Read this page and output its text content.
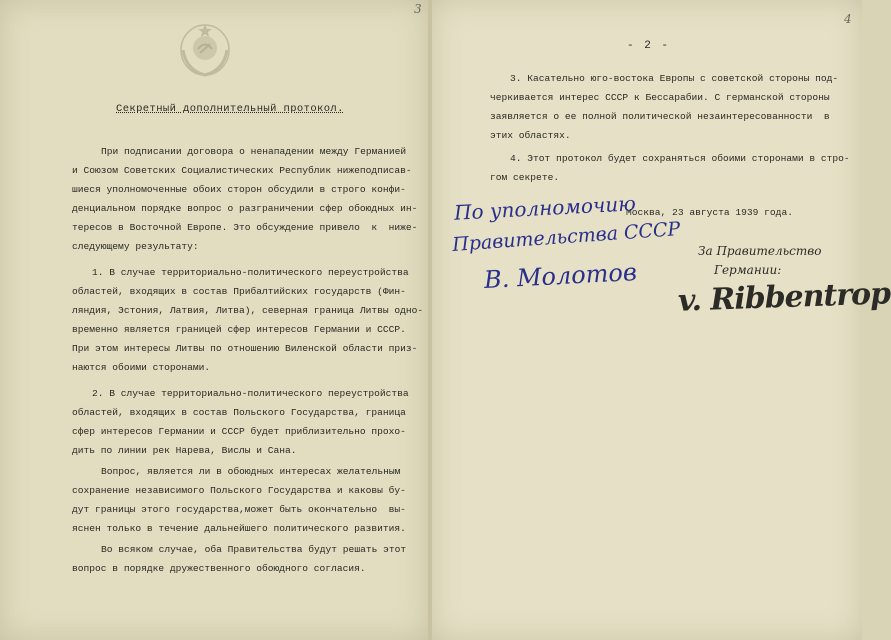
3
Секретный дополнительный протокол.
При подписании договора о ненападении между Германией
и Союзом Советских Социалистических Республик нижеподписав-
шиеся уполномоченные обоих сторон обсудили в строго конфи-
денциальном порядке вопрос о разграничении сфер обоюдных ин-
тересов в Восточной Европе. Это обсуждение привело  к  ниже-
следующему результату:
1. В случае территориально-политического переустройства
областей, входящих в состав Прибалтийских государств (Фин-
ляндия, Эстония, Латвия, Литва), северная граница Литвы одно-
временно является границей сфер интересов Германии и СССР.
При этом интересы Литвы по отношению Виленской области приз-
наются обоими сторонами.
2. В случае территориально-политического переустройства
областей, входящих в состав Польского Государства, граница
сфер интересов Германии и СССР будет приблизительно прохо-
дить по линии рек Нарева, Вислы и Сана.
Вопрос, является ли в обоюдных интересах желательным
сохранение независимого Польского Государства и каковы бу-
дут границы этого государства,может быть окончательно  вы-
яснен только в течение дальнейшего политического развития.
Во всяком случае, оба Правительства будут решать этот
вопрос в порядке дружественного обоюдного согласия.
4
- 2 -
3. Касательно юго-востока Европы с советской стороны под-
черкивается интерес СССР к Бессарабии. С германской стороны
заявляется о ее полной политической незаинтересованности  в
этих областях.
4. Этот протокол будет сохраняться обоими сторонами в стро-
гом секрете.
Москва, 23 августа 1939 года.
По уполномочию
Правительства СССР
В. Молотов
За Правительство
Германии:
v. Ribbentrop
